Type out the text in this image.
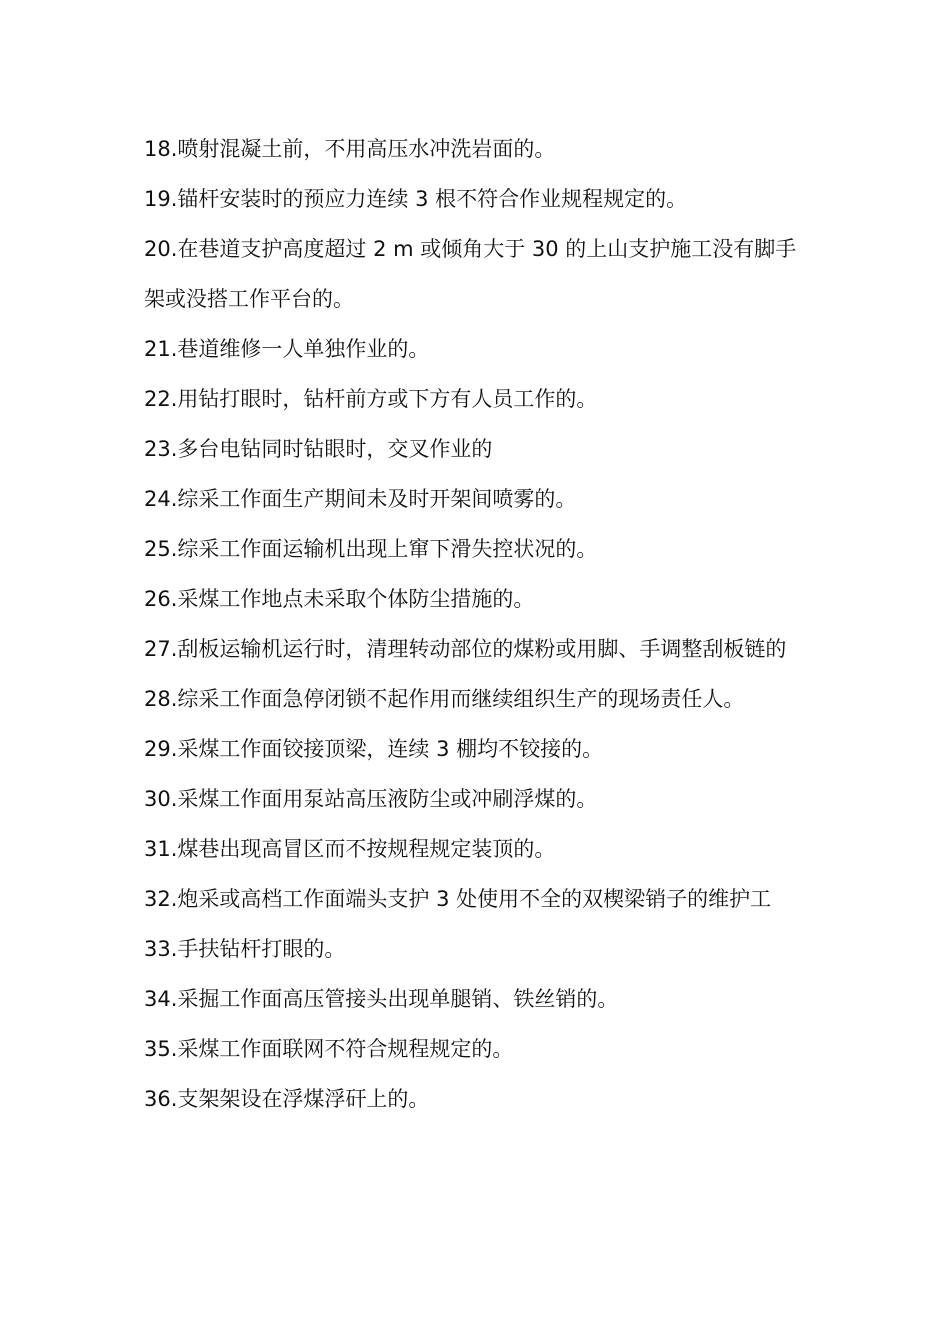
18.喷射混凝土前，不用高压水冲洗岩面的。

19.锚杆安装时的预应力连续 3 根不符合作业规程规定的。

20.在巷道支护高度超过 2 m 或倾角大于 30 的上山支护施工没有脚手架或没搭工作平台的。

21.巷道维修一人单独作业的。

22.用钻打眼时，钻杆前方或下方有人员工作的。

23.多台电钻同时钻眼时，交叉作业的

24.综采工作面生产期间未及时开架间喷雾的。

25.综采工作面运输机出现上窜下滑失控状况的。

26.采煤工作地点未采取个体防尘措施的。

27.刮板运输机运行时，清理转动部位的煤粉或用脚、手调整刮板链的

28.综采工作面急停闭锁不起作用而继续组织生产的现场责任人。

29.采煤工作面铰接顶梁，连续 3 棚均不铰接的。

30.采煤工作面用泵站高压液防尘或冲刷浮煤的。

31.煤巷出现高冒区而不按规程规定装顶的。

32.炮采或高档工作面端头支护 3 处使用不全的双楔梁销子的维护工

33.手扶钻杆打眼的。

34.采掘工作面高压管接头出现单腿销、铁丝销的。

35.采煤工作面联网不符合规程规定的。

36.支架架设在浮煤浮矸上的。
